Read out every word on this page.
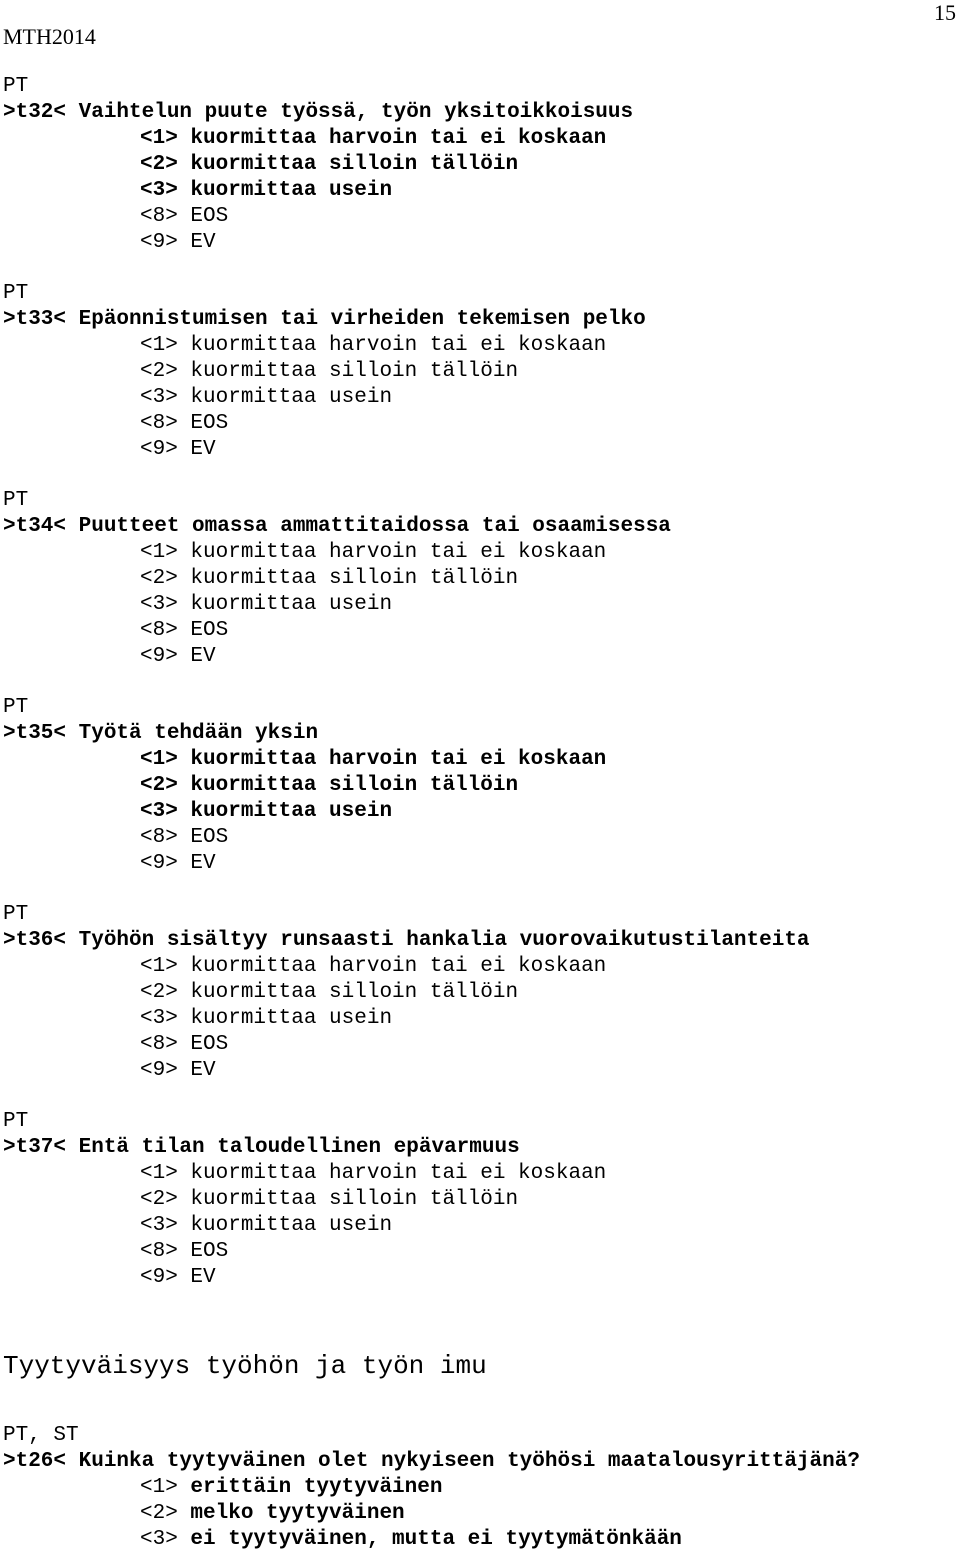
MTH2014
15
PT
>t32< Vaihtelun puute työssä, työn yksitoikkoisuus
<1> kuormittaa harvoin tai ei koskaan
<2> kuormittaa silloin tällöin
<3> kuormittaa usein
<8> EOS
<9> EV
PT
>t33< Epäonnistumisen tai virheiden tekemisen pelko
<1> kuormittaa harvoin tai ei koskaan
<2> kuormittaa silloin tällöin
<3> kuormittaa usein
<8> EOS
<9> EV
PT
>t34< Puutteet omassa ammattitaidossa tai osaamisessa
<1> kuormittaa harvoin tai ei koskaan
<2> kuormittaa silloin tällöin
<3> kuormittaa usein
<8> EOS
<9> EV
PT
>t35< Työtä tehdään yksin
<1> kuormittaa harvoin tai ei koskaan
<2> kuormittaa silloin tällöin
<3> kuormittaa usein
<8> EOS
<9> EV
PT
>t36< Työhön sisältyy runsaasti hankalia vuorovaikutustilanteita
<1> kuormittaa harvoin tai ei koskaan
<2> kuormittaa silloin tällöin
<3> kuormittaa usein
<8> EOS
<9> EV
PT
>t37< Entä tilan taloudellinen epävarmuus
<1> kuormittaa harvoin tai ei koskaan
<2> kuormittaa silloin tällöin
<3> kuormittaa usein
<8> EOS
<9> EV
Tyytyväisyys työhön ja työn imu
PT, ST
>t26< Kuinka tyytyväinen olet nykyiseen työhösi maatalousyrittäjänä?
<1> erittäin tyytyväinen
<2> melko tyytyväinen
<3> ei tyytyväinen, mutta ei tyytymätönkään
